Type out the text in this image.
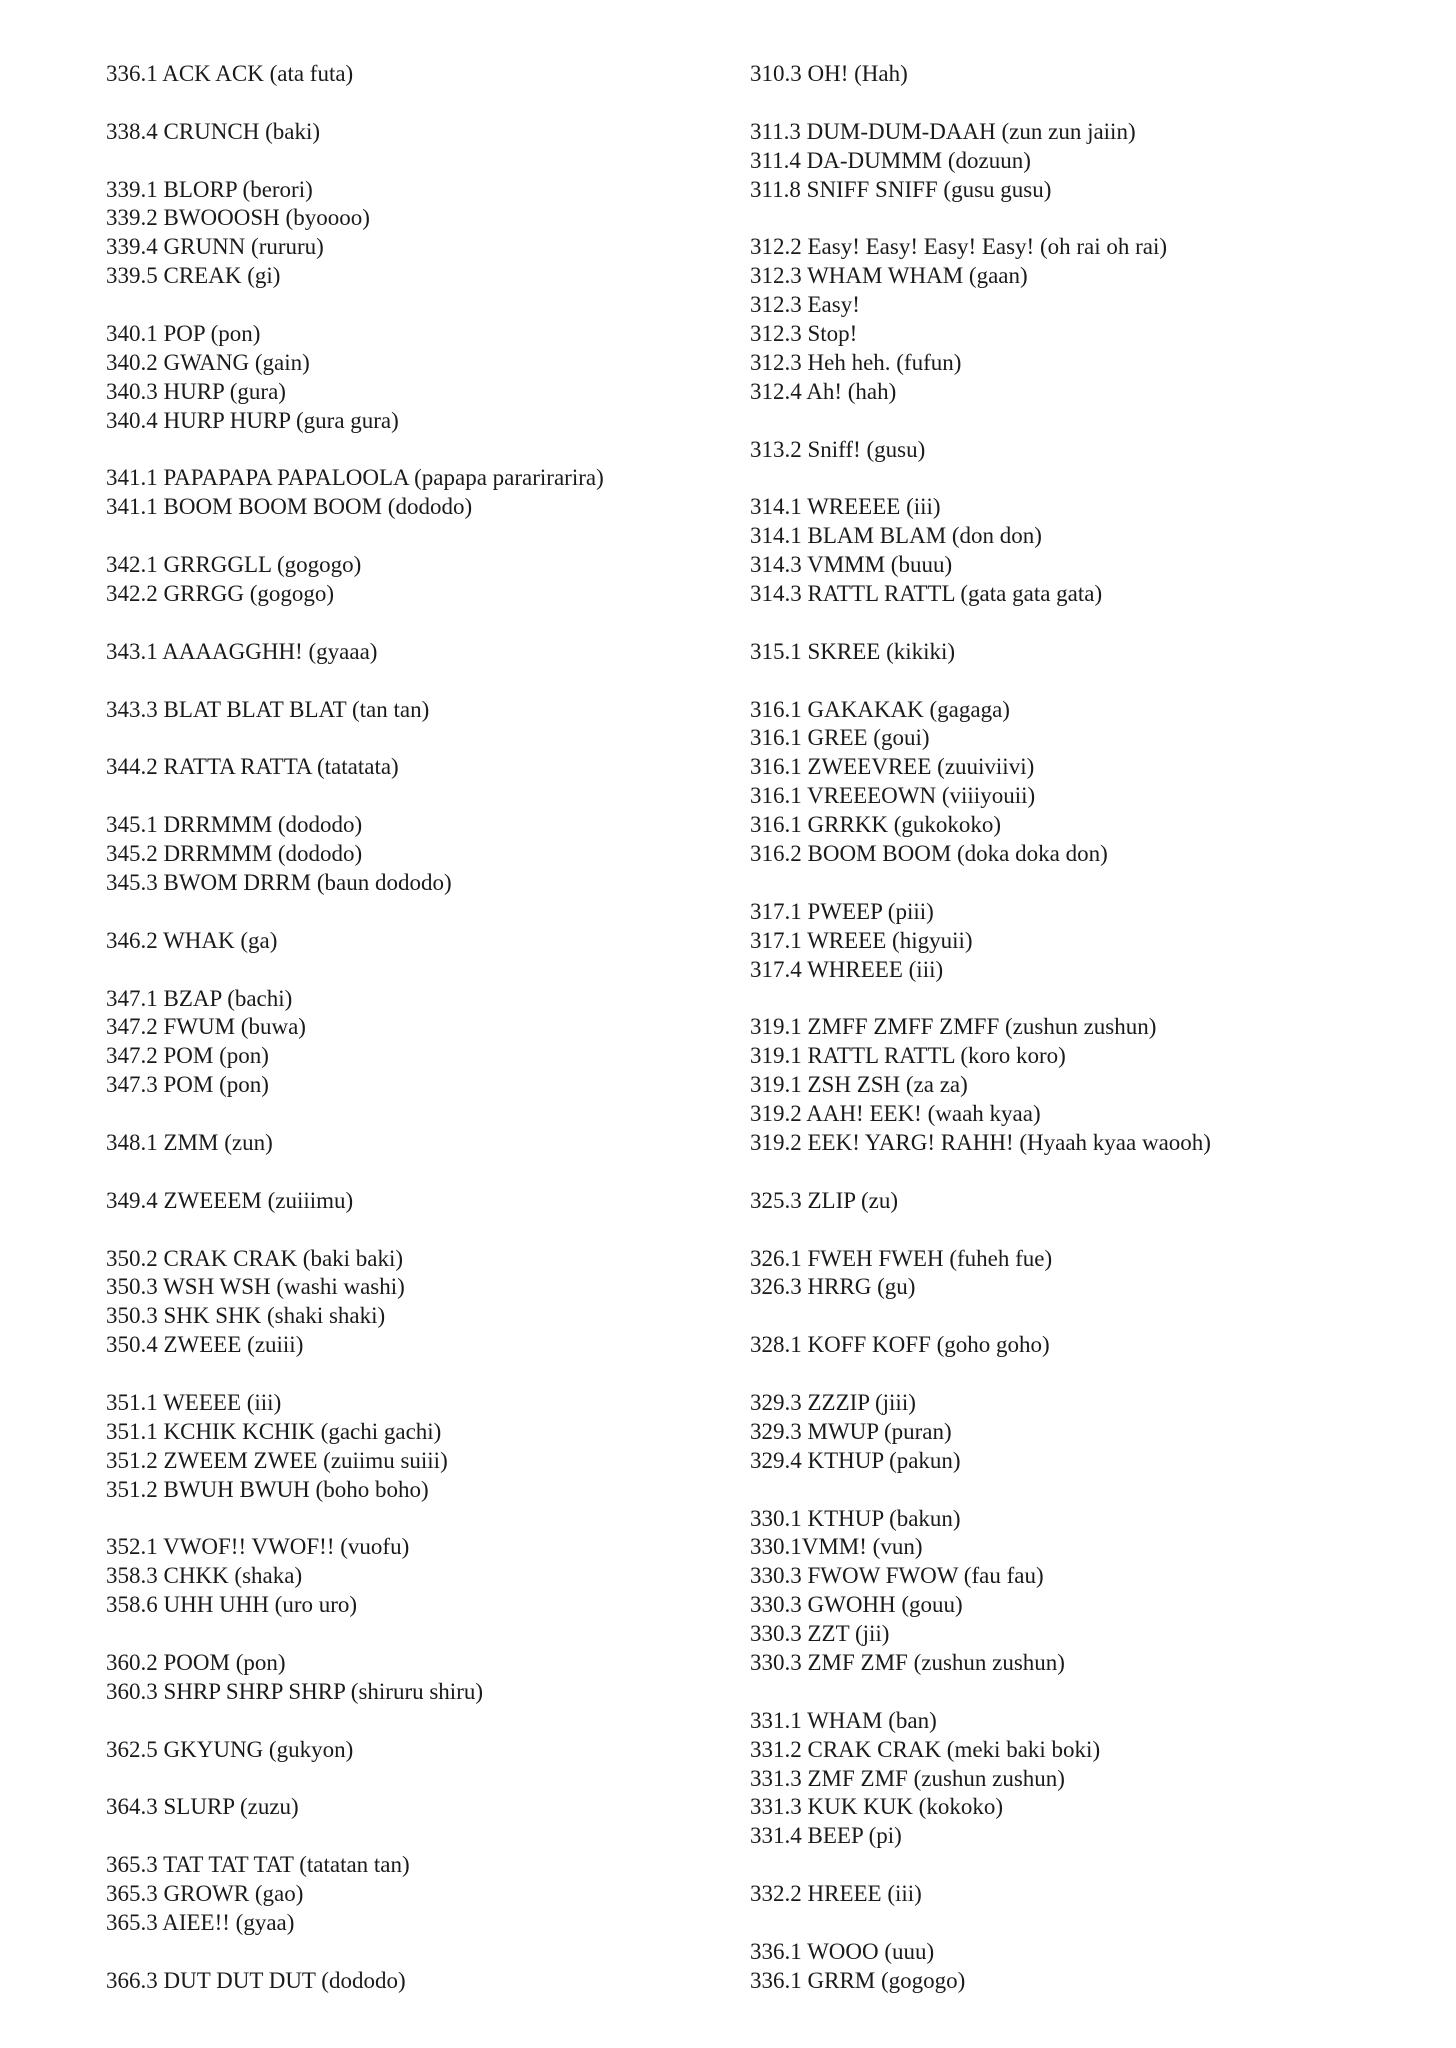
336.1 ACK ACK (ata futa)
338.4 CRUNCH (baki)
339.1 BLORP (berori)
339.2 BWOOOSH (byoooo)
339.4 GRUNN (rururu)
339.5 CREAK (gi)
340.1 POP (pon)
340.2 GWANG (gain)
340.3 HURP (gura)
340.4 HURP HURP (gura gura)
341.1 PAPAPAPA PAPALOOLA (papapa pararirarira)
341.1 BOOM BOOM BOOM (dododo)
342.1 GRRGGLL (gogogo)
342.2 GRRGG (gogogo)
343.1 AAAAGGHH! (gyaaa)
343.3 BLAT BLAT BLAT (tan tan)
344.2 RATTA RATTA (tatatata)
345.1 DRRMMM (dododo)
345.2 DRRMMM (dododo)
345.3 BWOM DRRM (baun dododo)
346.2 WHAK (ga)
347.1 BZAP (bachi)
347.2 FWUM (buwa)
347.2 POM (pon)
347.3 POM (pon)
348.1 ZMM (zun)
349.4 ZWEEEM (zuiiimu)
350.2 CRAK CRAK (baki baki)
350.3 WSH WSH (washi washi)
350.3 SHK SHK (shaki shaki)
350.4 ZWEEE (zuiii)
351.1 WEEEE (iii)
351.1 KCHIK KCHIK (gachi gachi)
351.2 ZWEEM ZWEE (zuiimu suiii)
351.2 BWUH BWUH (boho boho)
352.1 VWOF!! VWOF!! (vuofu)
358.3 CHKK (shaka)
358.6 UHH UHH (uro uro)
360.2 POOM (pon)
360.3 SHRP SHRP SHRP (shiruru shiru)
362.5 GKYUNG (gukyon)
364.3 SLURP (zuzu)
365.3 TAT TAT TAT (tatatan tan)
365.3 GROWR (gao)
365.3 AIEE!! (gyaa)
366.3 DUT DUT DUT (dododo)
310.3 OH! (Hah)
311.3 DUM-DUM-DAAH (zun zun jaiin)
311.4 DA-DUMMM (dozuun)
311.8 SNIFF SNIFF (gusu gusu)
312.2 Easy! Easy! Easy! Easy! (oh rai oh rai)
312.3 WHAM WHAM (gaan)
312.3 Easy!
312.3 Stop!
312.3 Heh heh. (fufun)
312.4 Ah! (hah)
313.2 Sniff! (gusu)
314.1 WREEEE (iii)
314.1 BLAM BLAM (don don)
314.3 VMMM (buuu)
314.3 RATTL RATTL (gata gata gata)
315.1 SKREE (kikiki)
316.1 GAKAKAK (gagaga)
316.1 GREE (goui)
316.1 ZWEEVREE (zuuiviivi)
316.1 VREEEOWN (viiiyouii)
316.1 GRRKK (gukokoko)
316.2 BOOM BOOM (doka doka don)
317.1 PWEEP (piii)
317.1 WREEE (higyuii)
317.4 WHREEE (iii)
319.1 ZMFF ZMFF ZMFF (zushun zushun)
319.1 RATTL RATTL (koro koro)
319.1 ZSH ZSH (za za)
319.2 AAH! EEK! (waah kyaa)
319.2 EEK! YARG! RAHH! (Hyaah kyaa waooh)
325.3 ZLIP (zu)
326.1 FWEH FWEH (fuheh fue)
326.3 HRRG (gu)
328.1 KOFF KOFF (goho goho)
329.3 ZZZIP (jiii)
329.3 MWUP (puran)
329.4 KTHUP (pakun)
330.1 KTHUP (bakun)
330.1VMM! (vun)
330.3 FWOW FWOW (fau fau)
330.3 GWOHH (gouu)
330.3 ZZT (jii)
330.3 ZMF ZMF (zushun zushun)
331.1 WHAM (ban)
331.2 CRAK CRAK (meki baki boki)
331.3 ZMF ZMF (zushun zushun)
331.3 KUK KUK (kokoko)
331.4 BEEP (pi)
332.2 HREEE (iii)
336.1 WOOO (uuu)
336.1 GRRM (gogogo)
